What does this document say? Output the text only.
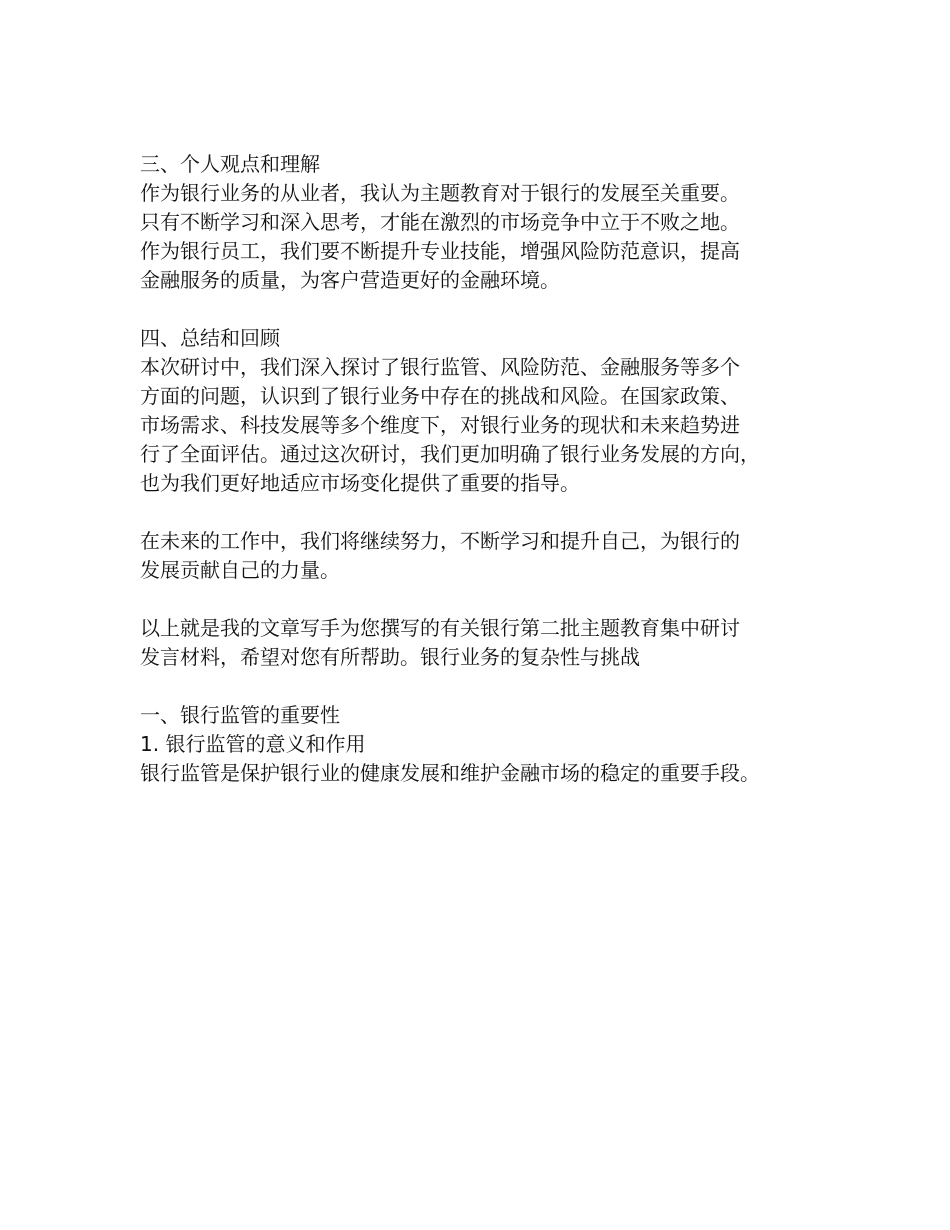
三、个人观点和理解
作为银行业务的从业者，我认为主题教育对于银行的发展至关重要。
只有不断学习和深入思考，才能在激烈的市场竞争中立于不败之地。
作为银行员工，我们要不断提升专业技能，增强风险防范意识，提高
金融服务的质量，为客户营造更好的金融环境。
四、总结和回顾
本次研讨中，我们深入探讨了银行监管、风险防范、金融服务等多个
方面的问题，认识到了银行业务中存在的挑战和风险。在国家政策、
市场需求、科技发展等多个维度下，对银行业务的现状和未来趋势进
行了全面评估。通过这次研讨，我们更加明确了银行业务发展的方向，
也为我们更好地适应市场变化提供了重要的指导。
在未来的工作中，我们将继续努力，不断学习和提升自己，为银行的
发展贡献自己的力量。
以上就是我的文章写手为您撰写的有关银行第二批主题教育集中研讨
发言材料，希望对您有所帮助。银行业务的复杂性与挑战
一、银行监管的重要性
1. 银行监管的意义和作用
银行监管是保护银行业的健康发展和维护金融市场的稳定的重要手段。
